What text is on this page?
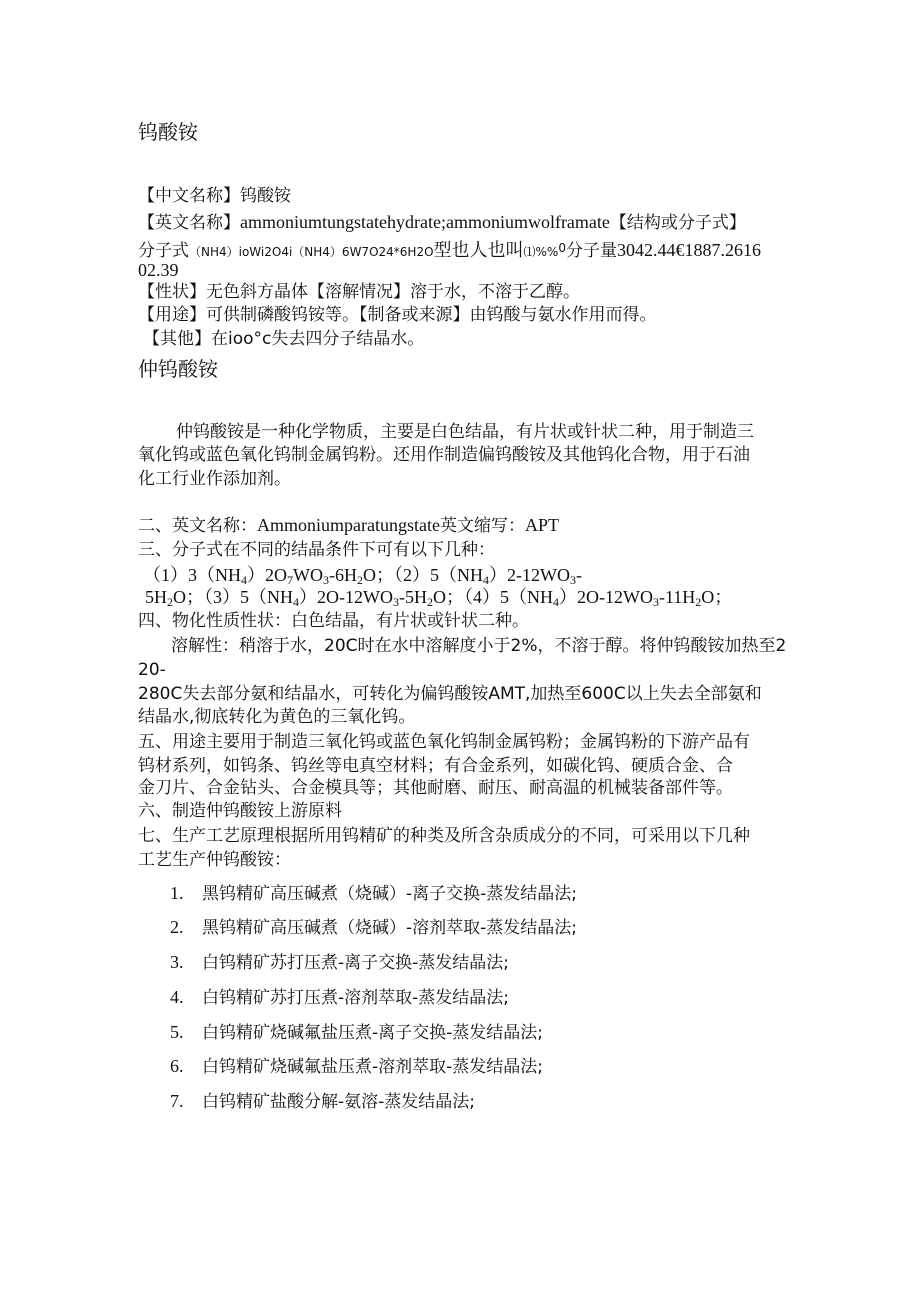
钨酸铵
【中文名称】钨酸铵
【英文名称】ammoniumtungstatehydrate;ammoniumwolframate【结构或分子式】
分子式（NH4）ioWi2O4i（NH4）6W7O24*6H2O型也人也叫⑴%%$^0$分子量3042.44€1887.2616
02.39
【性状】无色斜方晶体【溶解情况】溶于水，不溶于乙醇。
【用途】可供制磷酸钨铵等。【制备或来源】由钨酸与氨水作用而得。
【其他】在ioo°c失去四分子结晶水。
仲钨酸铵
仲钨酸铵是一种化学物质，主要是白色结晶，有片状或针状二种，用于制造三
氧化钨或蓝色氧化钨制金属钨粉。还用作制造偏钨酸铵及其他钨化合物，用于石油
化工行业作添加剂。
二、英文名称：Ammoniumparatungstate英文缩写：APT
三、分子式在不同的结晶条件下可有以下几种：
$(1)3(NH_4)2O_7WO_3-6H_2O$；$(2)5(NH_4)2-12WO_3-$
$5H_2O$；$(3)5(NH_4)2O-12WO_3-5H_2O$；$(4)5(NH_4)2O-12WO_3-11H_2O$；
四、物化性质性状：白色结晶，有片状或针状二种。
溶解性：稍溶于水，20C时在水中溶解度小于2%，不溶于醇。将仲钨酸铵加热至2
20-
280C失去部分氨和结晶水，可转化为偏钨酸铵AMT,加热至600C以上失去全部氨和
结晶水,彻底转化为黄色的三氧化钨。
五、用途主要用于制造三氧化钨或蓝色氧化钨制金属钨粉；金属钨粉的下游产品有
钨材系列，如钨条、钨丝等电真空材料；有合金系列，如碳化钨、硬质合金、合
金刀片、合金钻头、合金模具等；其他耐磨、耐压、耐高温的机械装备部件等。
六、制造仲钨酸铵上游原料
七、生产工艺原理根据所用钨精矿的种类及所含杂质成分的不同，可采用以下几种
工艺生产仲钨酸铵：
1. 黑钨精矿高压碱煮（烧碱）-离子交换-蒸发结晶法;
2. 黑钨精矿高压碱煮（烧碱）-溶剂萃取-蒸发结晶法;
3. 白钨精矿苏打压煮-离子交换-蒸发结晶法;
4. 白钨精矿苏打压煮-溶剂萃取-蒸发结晶法;
5. 白钨精矿烧碱氟盐压煮-离子交换-蒸发结晶法;
6. 白钨精矿烧碱氟盐压煮-溶剂萃取-蒸发结晶法;
7. 白钨精矿盐酸分解-氨溶-蒸发结晶法;
